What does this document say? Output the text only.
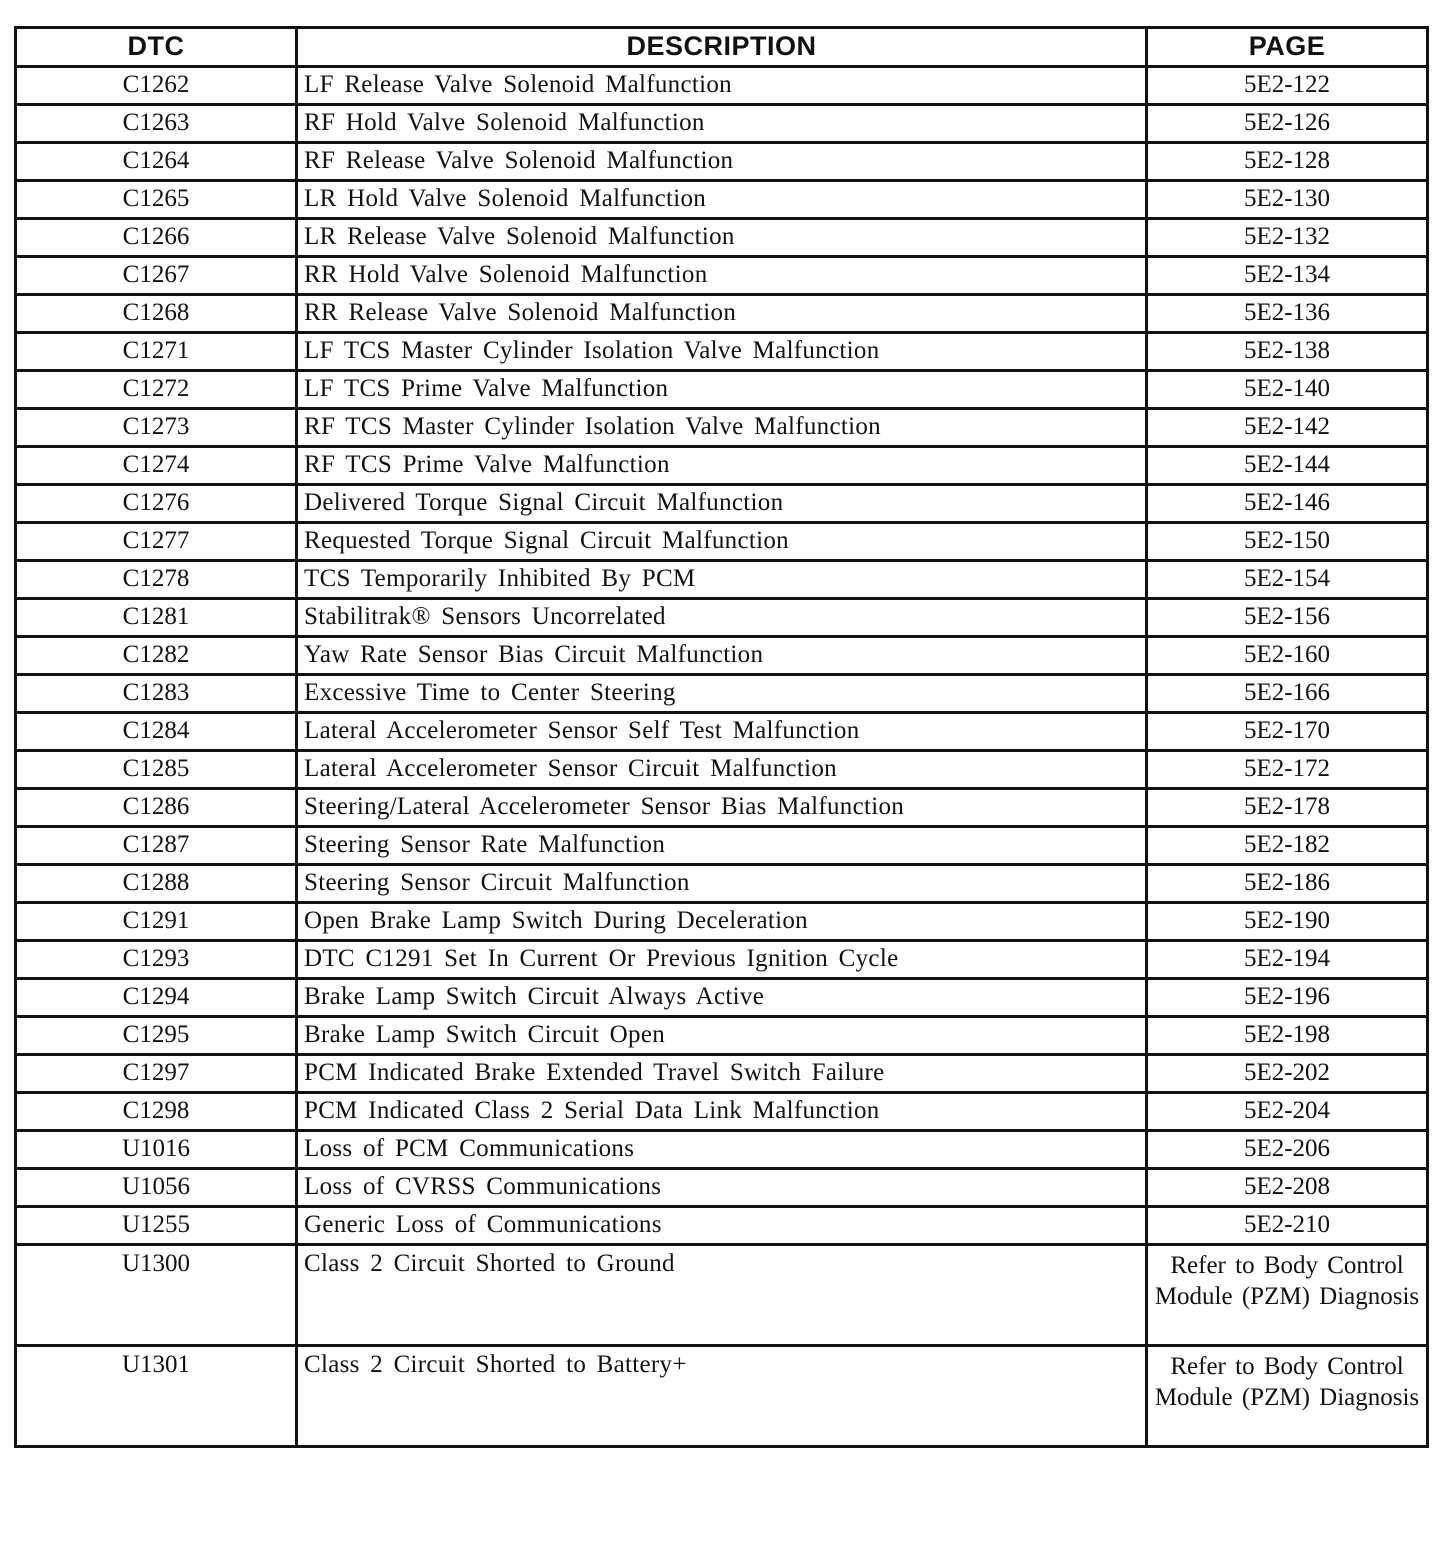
DTC	DESCRIPTION	PAGE
C1262	LF Release Valve Solenoid Malfunction	5E2-122
C1263	RF Hold Valve Solenoid Malfunction	5E2-126
C1264	RF Release Valve Solenoid Malfunction	5E2-128
C1265	LR Hold Valve Solenoid Malfunction	5E2-130
C1266	LR Release Valve Solenoid Malfunction	5E2-132
C1267	RR Hold Valve Solenoid Malfunction	5E2-134
C1268	RR Release Valve Solenoid Malfunction	5E2-136
C1271	LF TCS Master Cylinder Isolation Valve Malfunction	5E2-138
C1272	LF TCS Prime Valve Malfunction	5E2-140
C1273	RF TCS Master Cylinder Isolation Valve Malfunction	5E2-142
C1274	RF TCS Prime Valve Malfunction	5E2-144
C1276	Delivered Torque Signal Circuit Malfunction	5E2-146
C1277	Requested Torque Signal Circuit Malfunction	5E2-150
C1278	TCS Temporarily Inhibited By PCM	5E2-154
C1281	Stabilitrak® Sensors Uncorrelated	5E2-156
C1282	Yaw Rate Sensor Bias Circuit Malfunction	5E2-160
C1283	Excessive Time to Center Steering	5E2-166
C1284	Lateral Accelerometer Sensor Self Test Malfunction	5E2-170
C1285	Lateral Accelerometer Sensor Circuit Malfunction	5E2-172
C1286	Steering/Lateral Accelerometer Sensor Bias Malfunction	5E2-178
C1287	Steering Sensor Rate Malfunction	5E2-182
C1288	Steering Sensor Circuit Malfunction	5E2-186
C1291	Open Brake Lamp Switch During Deceleration	5E2-190
C1293	DTC C1291 Set In Current Or Previous Ignition Cycle	5E2-194
C1294	Brake Lamp Switch Circuit Always Active	5E2-196
C1295	Brake Lamp Switch Circuit Open	5E2-198
C1297	PCM Indicated Brake Extended Travel Switch Failure	5E2-202
C1298	PCM Indicated Class 2 Serial Data Link Malfunction	5E2-204
U1016	Loss of PCM Communications	5E2-206
U1056	Loss of CVRSS Communications	5E2-208
U1255	Generic Loss of Communications	5E2-210
U1300	Class 2 Circuit Shorted to Ground	Refer to Body Control Module (PZM) Diagnosis
U1301	Class 2 Circuit Shorted to Battery+	Refer to Body Control Module (PZM) Diagnosis
